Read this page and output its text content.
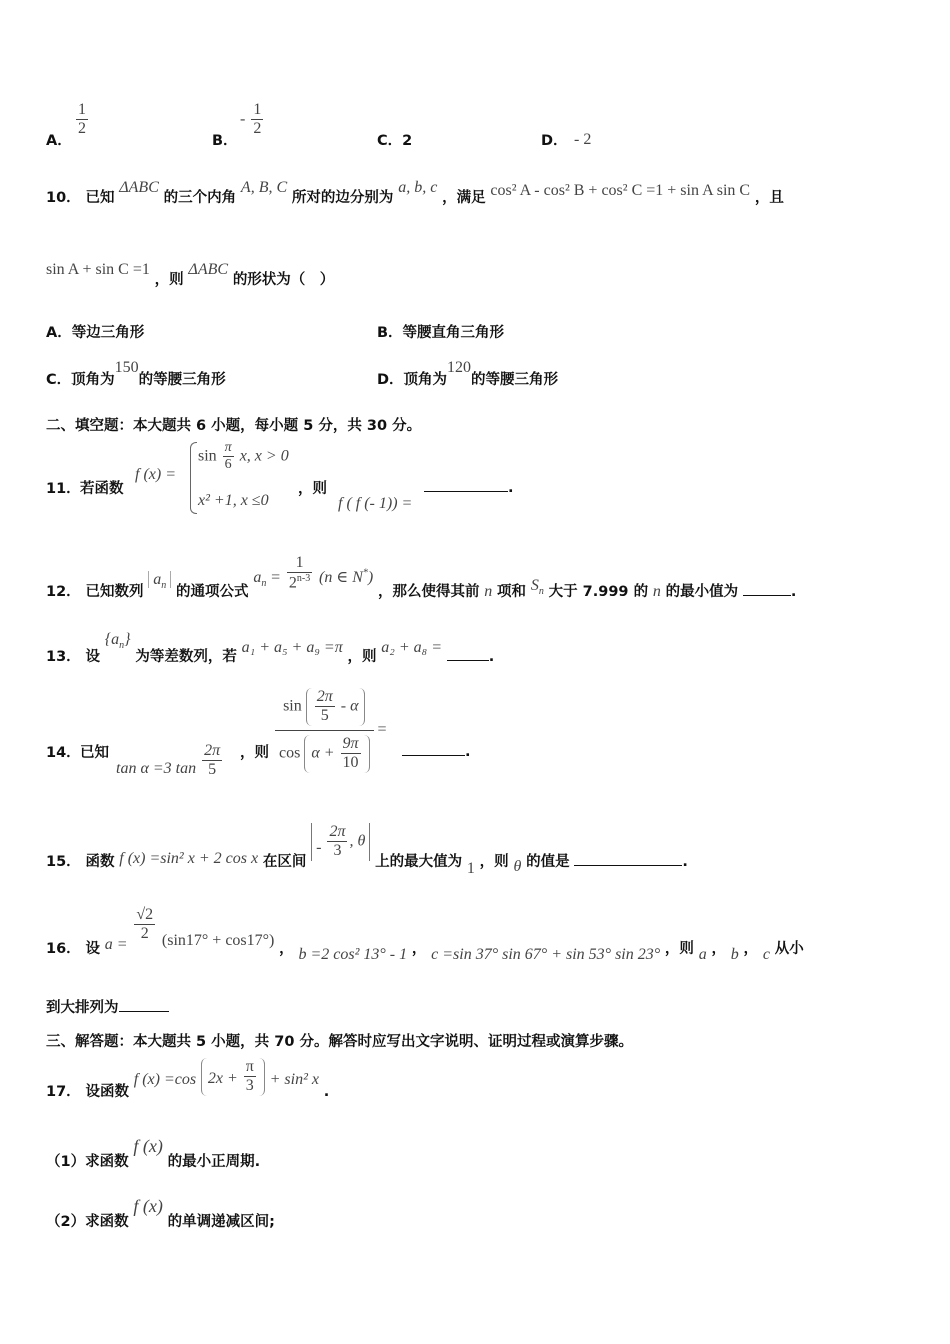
A．
$\frac{1}{2}$
B．
- $\frac{1}{2}$
C．2	D． - 2
10． 已知 ΔABC 的三个内角 A, B, C 所对的边分别为 a, b, c ，满足 cos² A - cos² B + cos² C =1 + sin A sin C ，且
sin A + sin C =1 ，则 ΔABC 的形状为（　）
A．等边三角形	B．等腰直角三角形
C．顶角为150的等腰三角形	D．顶角为120的等腰三角形
二、填空题：本大题共 6 小题，每小题 5 分，共 30 分。
11． 若函数
f (x) =
$\sin \frac{\pi}{6} x$, x > 0
x² +1, x ≤0
，则
f ( f (- 1)) =
.
12． 已知数列 $a_n$ 的通项公式 $a_n = \frac{1}{2^{n-3}} (n$ ∈ N*) ，那么使得其前 n 项和 $S_n$ 大于 7.999 的 n 的最小值为	.
13． 设 $\{a_n\}$ 为等差数列，若 a₁ + a₅ + a₉ =π ，则 a₂ + a₈ = .
14． 已知
tan α =3 $\tan \frac{2\pi}{5}$ ，则 $\frac{\sin \frac{2\pi}{5} - \alpha}{\cos \alpha + \frac{9\pi}{10}}$ =
.
15． 函数 f (x) =sin² x + 2 cos x 在区间 - $\frac{2\pi}{3}$ , θ 上的最大值为 1 ，则 θ 的值是	.
16． 设 a =
$\frac{√2}{2} (\sin 17^\circ + \cos 17^\circ)$ ， b =2 cos² 13° - 1 ， c =sin 37° sin 67° + sin 53° sin 23° ，则 a ， b ， c 从小
到大排列为
三、解答题：本大题共 5 小题，共 70 分。解答时应写出文字说明、证明过程或演算步骤。
17． 设函数 f (x) =cos $2x + \frac{\pi}{3} + \sin^2$ x .
（1）求函数 f (x) 的最小正周期.
（2）求函数 f (x) 的单调递减区间;
